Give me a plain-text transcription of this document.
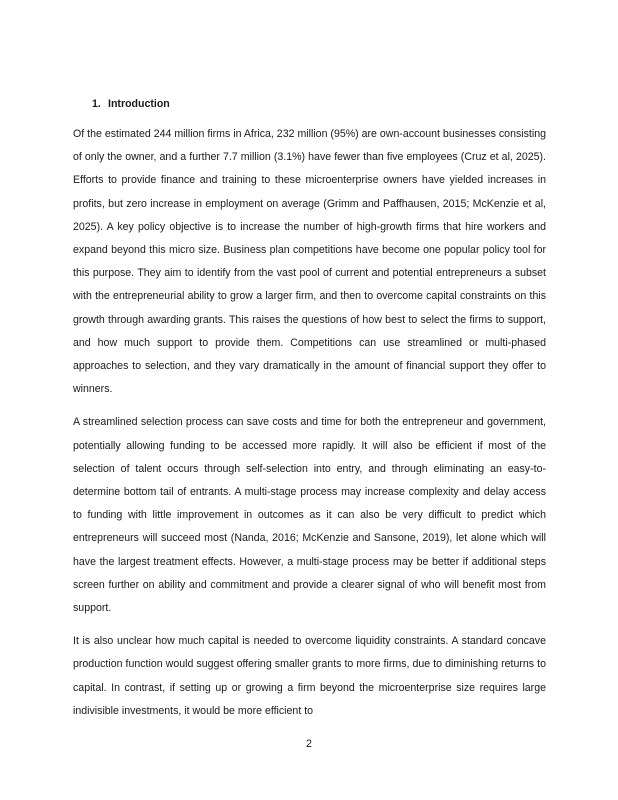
1. Introduction

Of the estimated 244 million firms in Africa, 232 million (95%) are own-account businesses consisting of only the owner, and a further 7.7 million (3.1%) have fewer than five employees (Cruz et al, 2025). Efforts to provide finance and training to these microenterprise owners have yielded increases in profits, but zero increase in employment on average (Grimm and Paffhausen, 2015; McKenzie et al, 2025). A key policy objective is to increase the number of high-growth firms that hire workers and expand beyond this micro size. Business plan competitions have become one popular policy tool for this purpose. They aim to identify from the vast pool of current and potential entrepreneurs a subset with the entrepreneurial ability to grow a larger firm, and then to overcome capital constraints on this growth through awarding grants. This raises the questions of how best to select the firms to support, and how much support to provide them. Competitions can use streamlined or multi-phased approaches to selection, and they vary dramatically in the amount of financial support they offer to winners.

A streamlined selection process can save costs and time for both the entrepreneur and government, potentially allowing funding to be accessed more rapidly. It will also be efficient if most of the selection of talent occurs through self-selection into entry, and through eliminating an easy-to-determine bottom tail of entrants. A multi-stage process may increase complexity and delay access to funding with little improvement in outcomes as it can also be very difficult to predict which entrepreneurs will succeed most (Nanda, 2016; McKenzie and Sansone, 2019), let alone which will have the largest treatment effects. However, a multi-stage process may be better if additional steps screen further on ability and commitment and provide a clearer signal of who will benefit most from support.

It is also unclear how much capital is needed to overcome liquidity constraints. A standard concave production function would suggest offering smaller grants to more firms, due to diminishing returns to capital. In contrast, if setting up or growing a firm beyond the microenterprise size requires large indivisible investments, it would be more efficient to

2
